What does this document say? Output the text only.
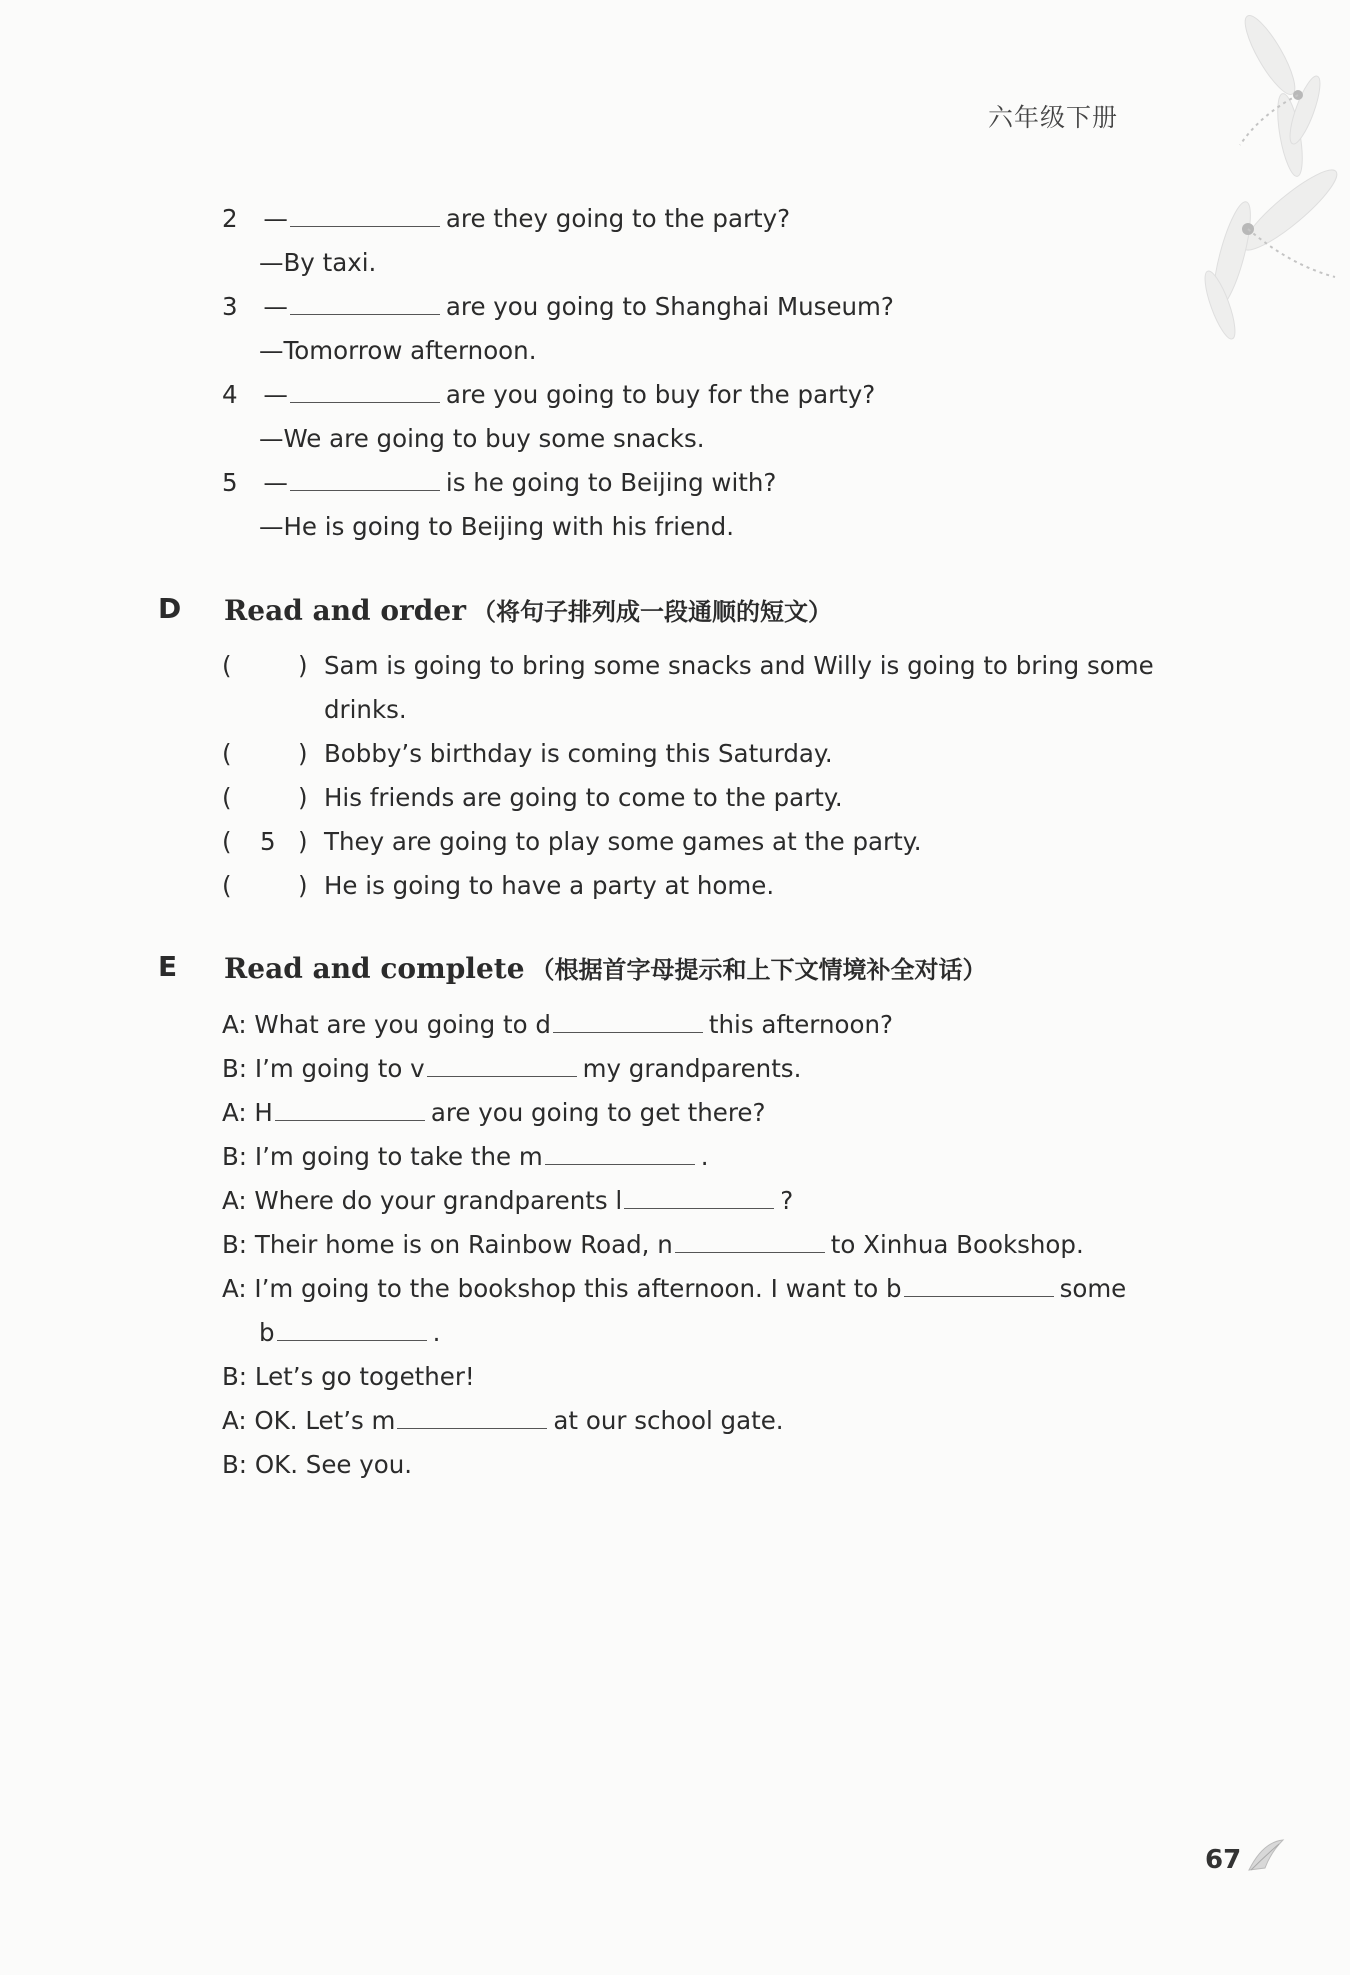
六年级下册
2 —	are they going to the party?
—By taxi.
3 —	are you going to Shanghai Museum?
—Tomorrow afternoon.
4 —	are you going to buy for the party?
—We are going to buy some snacks.
5 —	is he going to Beijing with?
—He is going to Beijing with his friend.
D Read and order （将句子排列成一段通顺的短文）
(	) Sam is going to bring some snacks and Willy is going to bring some
drinks.
(	) Bobby’s birthday is coming this Saturday.
(	) His friends are going to come to the party.
( 5 ) They are going to play some games at the party.
(	) He is going to have a party at home.
E Read and complete （根据首字母提示和上下文情境补全对话）
A: What are you going to d	this afternoon?
B: I’m going to v	my grandparents.
A: H	are you going to get there?
B: I’m going to take the m	.
A: Where do your grandparents l	?
B: Their home is on Rainbow Road, n	to Xinhua Bookshop.
A: I’m going to the bookshop this afternoon. I want to b	some
b	.
B: Let’s go together!
A: OK. Let’s m	at our school gate.
B: OK. See you.
67
